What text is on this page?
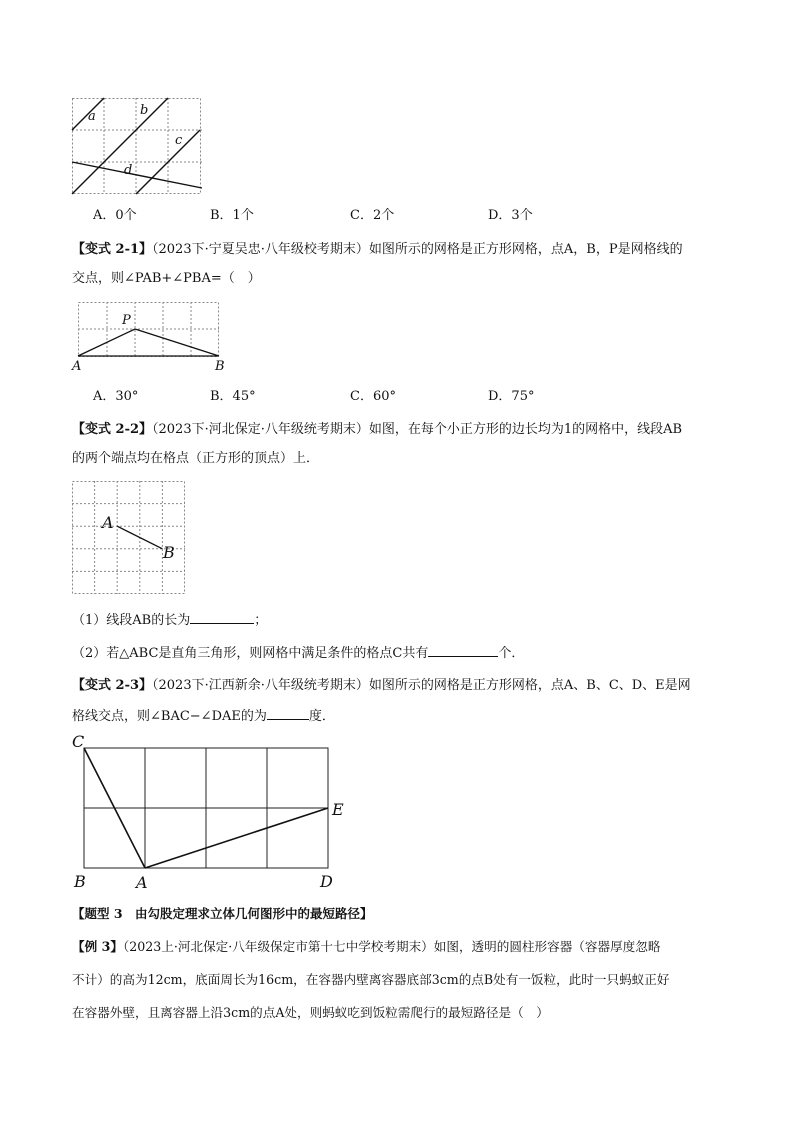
a	b
c
d
A．0个	B．1个	C．2个	D．3个
【变式 2-1】（2023下·宁夏吴忠·八年级校考期末）如图所示的网格是正方形网格，点A，B，P是网格线的
交点，则∠PAB+∠PBA=（　）
P
A	B
A．30°	B．45°	C．60°	D．75°
【变式 2-2】（2023下·河北保定·八年级统考期末）如图，在每个小正方形的边长均为1的网格中，线段AB
的两个端点均在格点（正方形的顶点）上．
A
B
（1）线段AB的长为	；
（2）若△ABC是直角三角形，则网格中满足条件的格点C共有	个．
【变式 2-3】（2023下·江西新余·八年级统考期末）如图所示的网格是正方形网格，点A、B、C、D、E是网
格线交点，则∠BAC−∠DAE的为	度．
C
E
B	A	D
【题型 3　由勾股定理求立体几何图形中的最短路径】
【例 3】（2023上·河北保定·八年级保定市第十七中学校考期末）如图，透明的圆柱形容器（容器厚度忽略
不计）的高为12cm，底面周长为16cm，在容器内壁离容器底部3cm的点B处有一饭粒，此时一只蚂蚁正好
在容器外壁，且离容器上沿3cm的点A处，则蚂蚁吃到饭粒需爬行的最短路径是（　）
